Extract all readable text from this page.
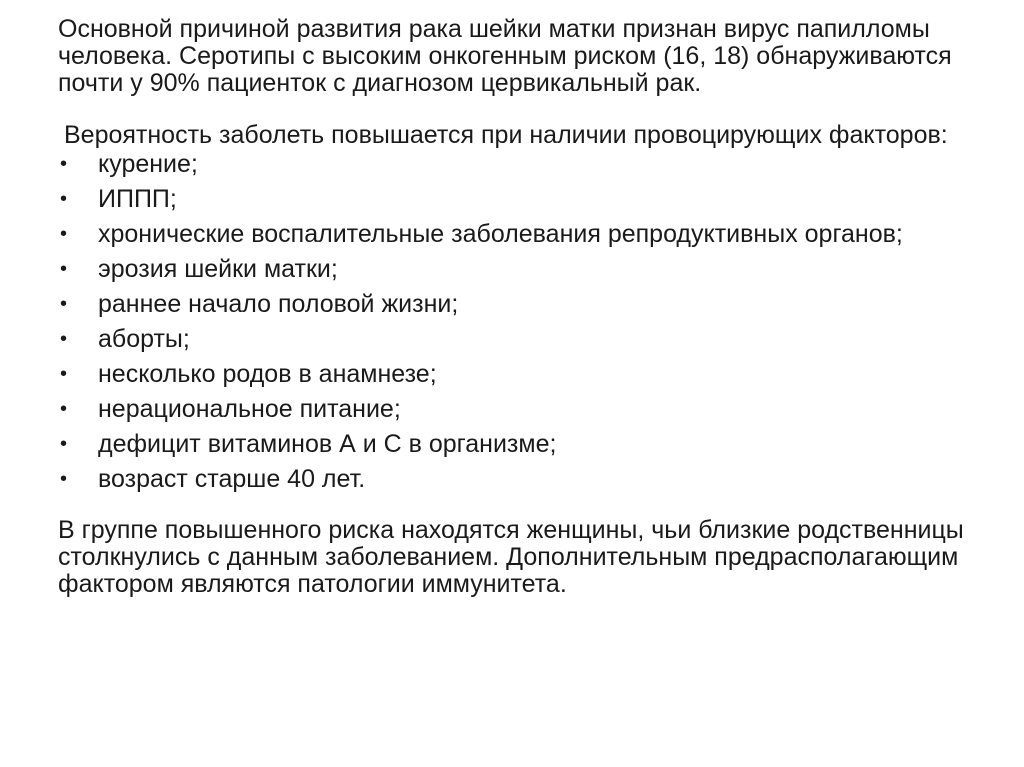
Основной причиной развития рака шейки матки признан вирус папилломы человека. Серотипы с высоким онкогенным риском (16, 18) обнаруживаются почти у 90% пациенток с диагнозом цервикальный рак.

Вероятность заболеть повышается при наличии провоцирующих факторов:

• курение;
• ИППП;
• хронические воспалительные заболевания репродуктивных органов;
• эрозия шейки матки;
• раннее начало половой жизни;
• аборты;
• несколько родов в анамнезе;
• нерациональное питание;
• дефицит витаминов А и С в организме;
• возраст старше 40 лет.

В группе повышенного риска находятся женщины, чьи близкие родственницы столкнулись с данным заболеванием. Дополнительным предрасполагающим фактором являются патологии иммунитета.
